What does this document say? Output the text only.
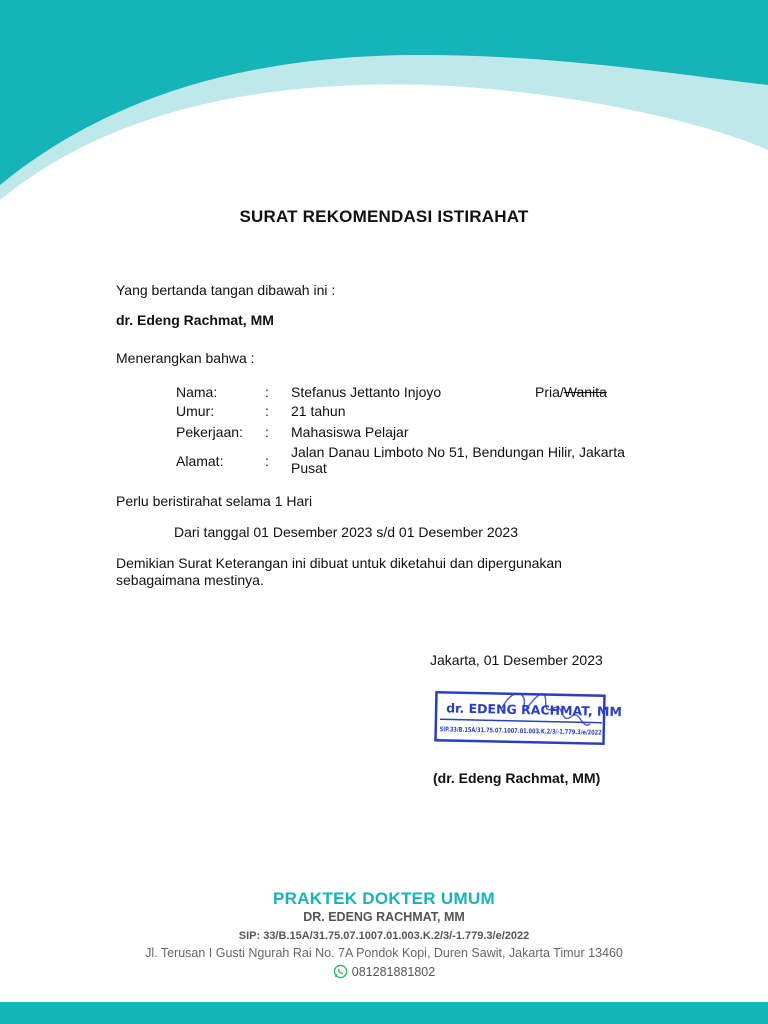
SURAT REKOMENDASI ISTIRAHAT
Yang bertanda tangan dibawah ini :
dr. Edeng Rachmat, MM
Menerangkan bahwa :
Nama:	: Stefanus Jettanto Injoyo	Pria/Wanita
Umur:	: 21 tahun
Pekerjaan: : Mahasiswa Pelajar
Alamat:	:
Jalan Danau Limboto No 51, Bendungan Hilir, Jakarta
Pusat
Perlu beristirahat selama 1 Hari
Dari tanggal 01 Desember 2023 s/d 01 Desember 2023
Demikian Surat Keterangan ini dibuat untuk diketahui dan dipergunakan
sebagaimana mestinya.
Jakarta, 01 Desember 2023
dr. EDENG RACHMAT, MM
SIP.33/B.15A/31.75.07.1007.01.003.K.2/3/-1.779.3/e/2022
(dr. Edeng Rachmat, MM)
PRAKTEK DOKTER UMUM
DR. EDENG RACHMAT, MM
SIP: 33/B.15A/31.75.07.1007.01.003.K.2/3/-1.779.3/e/2022
Jl. Terusan I Gusti Ngurah Rai No. 7A Pondok Kopi, Duren Sawit, Jakarta Timur 13460
081281881802
